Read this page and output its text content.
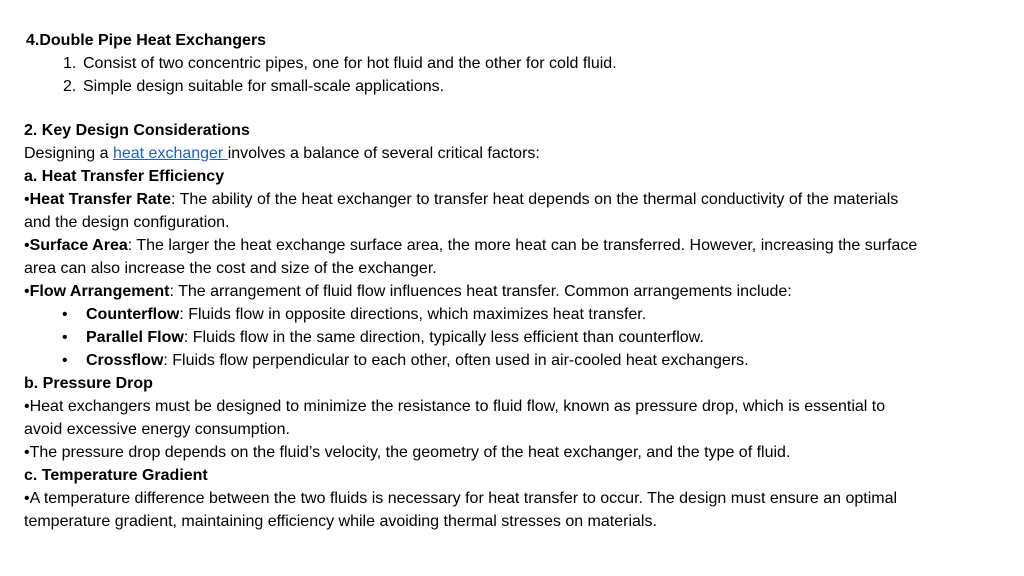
4.Double Pipe Heat Exchangers
1. Consist of two concentric pipes, one for hot fluid and the other for cold fluid.
2. Simple design suitable for small-scale applications.
2. Key Design Considerations
Designing a heat exchanger involves a balance of several critical factors:
a. Heat Transfer Efficiency
•Heat Transfer Rate: The ability of the heat exchanger to transfer heat depends on the thermal conductivity of the materials
and the design configuration.
•Surface Area: The larger the heat exchange surface area, the more heat can be transferred. However, increasing the surface
area can also increase the cost and size of the exchanger.
•Flow Arrangement: The arrangement of fluid flow influences heat transfer. Common arrangements include:
• Counterflow: Fluids flow in opposite directions, which maximizes heat transfer.
• Parallel Flow: Fluids flow in the same direction, typically less efficient than counterflow.
• Crossflow: Fluids flow perpendicular to each other, often used in air-cooled heat exchangers.
b. Pressure Drop
•Heat exchangers must be designed to minimize the resistance to fluid flow, known as pressure drop, which is essential to
avoid excessive energy consumption.
•The pressure drop depends on the fluid’s velocity, the geometry of the heat exchanger, and the type of fluid.
c. Temperature Gradient
•A temperature difference between the two fluids is necessary for heat transfer to occur. The design must ensure an optimal
temperature gradient, maintaining efficiency while avoiding thermal stresses on materials.
